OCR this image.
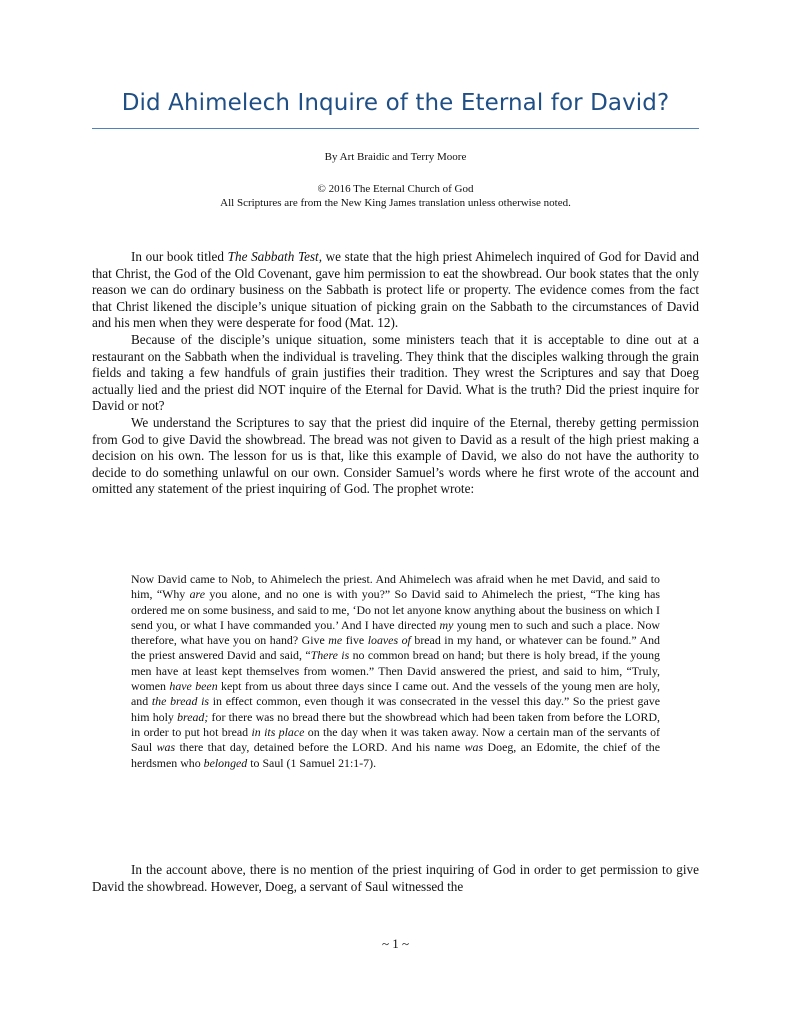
Did Ahimelech Inquire of the Eternal for David?
By Art Braidic and Terry Moore
© 2016 The Eternal Church of God
All Scriptures are from the New King James translation unless otherwise noted.

In our book titled The Sabbath Test, we state that the high priest Ahimelech inquired of God for David and that Christ, the God of the Old Covenant, gave him permission to eat the showbread. Our book states that the only reason we can do ordinary business on the Sabbath is protect life or property. The evidence comes from the fact that Christ likened the disciple’s unique situation of picking grain on the Sabbath to the circumstances of David and his men when they were desperate for food (Mat. 12).

Because of the disciple’s unique situation, some ministers teach that it is acceptable to dine out at a restaurant on the Sabbath when the individual is traveling. They think that the disciples walking through the grain fields and taking a few handfuls of grain justifies their tradition. They wrest the Scriptures and say that Doeg actually lied and the priest did NOT inquire of the Eternal for David. What is the truth? Did the priest inquire for David or not?

We understand the Scriptures to say that the priest did inquire of the Eternal, thereby getting permission from God to give David the showbread. The bread was not given to David as a result of the high priest making a decision on his own. The lesson for us is that, like this example of David, we also do not have the authority to decide to do something unlawful on our own. Consider Samuel’s words where he first wrote of the account and omitted any statement of the priest inquiring of God. The prophet wrote:

Now David came to Nob, to Ahimelech the priest. And Ahimelech was afraid when he met David, and said to him, “Why are you alone, and no one is with you?” So David said to Ahimelech the priest, “The king has ordered me on some business, and said to me, ‘Do not let anyone know anything about the business on which I send you, or what I have commanded you.’ And I have directed my young men to such and such a place. Now therefore, what have you on hand? Give me five loaves of bread in my hand, or whatever can be found.” And the priest answered David and said, “There is no common bread on hand; but there is holy bread, if the young men have at least kept themselves from women.” Then David answered the priest, and said to him, “Truly, women have been kept from us about three days since I came out. And the vessels of the young men are holy, and the bread is in effect common, even though it was consecrated in the vessel this day.” So the priest gave him holy bread; for there was no bread there but the showbread which had been taken from before the LORD, in order to put hot bread in its place on the day when it was taken away. Now a certain man of the servants of Saul was there that day, detained before the LORD. And his name was Doeg, an Edomite, the chief of the herdsmen who belonged to Saul (1 Samuel 21:1-7).

In the account above, there is no mention of the priest inquiring of God in order to get permission to give David the showbread. However, Doeg, a servant of Saul witnessed the

~ 1 ~
